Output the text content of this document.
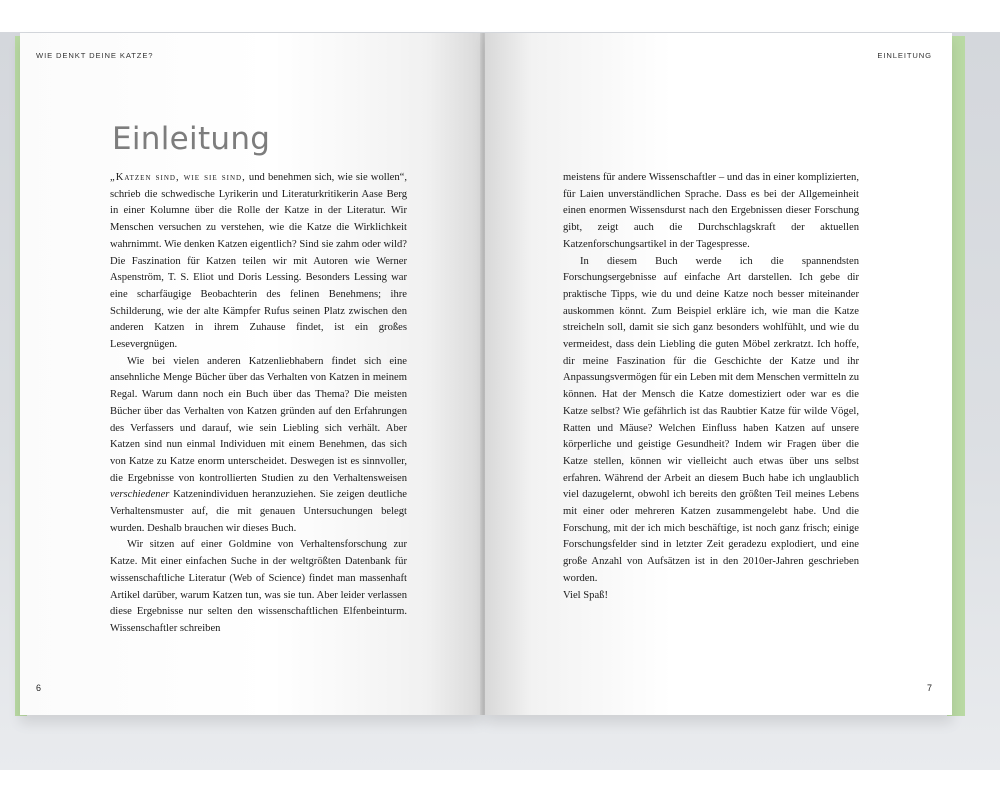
WIE DENKT DEINE KATZE?
Einleitung

„Katzen sind, wie sie sind, und benehmen sich, wie sie wollen“, schrieb die schwedische Lyrikerin und Literaturkritikerin Aase Berg in einer Kolumne über die Rolle der Katze in der Literatur. Wir Menschen versuchen zu verstehen, wie die Katze die Wirklichkeit wahrnimmt. Wie denken Katzen eigentlich? Sind sie zahm oder wild? Die Faszination für Katzen teilen wir mit Autoren wie Werner Aspenström, T. S. Eliot und Doris Lessing. Besonders Lessing war eine scharfäugige Beobachterin des felinen Benehmens; ihre Schilderung, wie der alte Kämpfer Rufus seinen Platz zwischen den anderen Katzen in ihrem Zuhause findet, ist ein großes Lesevergnügen.

Wie bei vielen anderen Katzenliebhabern findet sich eine ansehnliche Menge Bücher über das Verhalten von Katzen in meinem Regal. Warum dann noch ein Buch über das Thema? Die meisten Bücher über das Verhalten von Katzen gründen auf den Erfahrungen des Verfassers und darauf, wie sein Liebling sich verhält. Aber Katzen sind nun einmal Individuen mit einem Benehmen, das sich von Katze zu Katze enorm unterscheidet. Deswegen ist es sinnvoller, die Ergebnisse von kontrollierten Studien zu den Verhaltensweisen verschiedener Katzenindividuen heranzuziehen. Sie zeigen deutliche Verhaltensmuster auf, die mit genauen Untersuchungen belegt wurden. Deshalb brauchen wir dieses Buch.

Wir sitzen auf einer Goldmine von Verhaltensforschung zur Katze. Mit einer einfachen Suche in der weltgrößten Datenbank für wissenschaftliche Literatur (Web of Science) findet man massenhaft Artikel darüber, warum Katzen tun, was sie tun. Aber leider verlassen diese Ergebnisse nur selten den wissenschaftlichen Elfenbeinturm. Wissenschaftler schreiben

6
EINLEITUNG

meistens für andere Wissenschaftler – und das in einer komplizierten, für Laien unverständlichen Sprache. Dass es bei der Allgemeinheit einen enormen Wissensdurst nach den Ergebnissen dieser Forschung gibt, zeigt auch die Durchschlagskraft der aktuellen Katzenforschungsartikel in der Tagespresse.

In diesem Buch werde ich die spannendsten Forschungsergebnisse auf einfache Art darstellen. Ich gebe dir praktische Tipps, wie du und deine Katze noch besser miteinander auskommen könnt. Zum Beispiel erkläre ich, wie man die Katze streicheln soll, damit sie sich ganz besonders wohlfühlt, und wie du vermeidest, dass dein Liebling die guten Möbel zerkratzt. Ich hoffe, dir meine Faszination für die Geschichte der Katze und ihr Anpassungsvermögen für ein Leben mit dem Menschen vermitteln zu können. Hat der Mensch die Katze domestiziert oder war es die Katze selbst? Wie gefährlich ist das Raubtier Katze für wilde Vögel, Ratten und Mäuse? Welchen Einfluss haben Katzen auf unsere körperliche und geistige Gesundheit? Indem wir Fragen über die Katze stellen, können wir vielleicht auch etwas über uns selbst erfahren. Während der Arbeit an diesem Buch habe ich unglaublich viel dazugelernt, obwohl ich bereits den größten Teil meines Lebens mit einer oder mehreren Katzen zusammengelebt habe. Und die Forschung, mit der ich mich beschäftige, ist noch ganz frisch; einige Forschungsfelder sind in letzter Zeit geradezu explodiert, und eine große Anzahl von Aufsätzen ist in den 2010er-Jahren geschrieben worden.

Viel Spaß!

7
